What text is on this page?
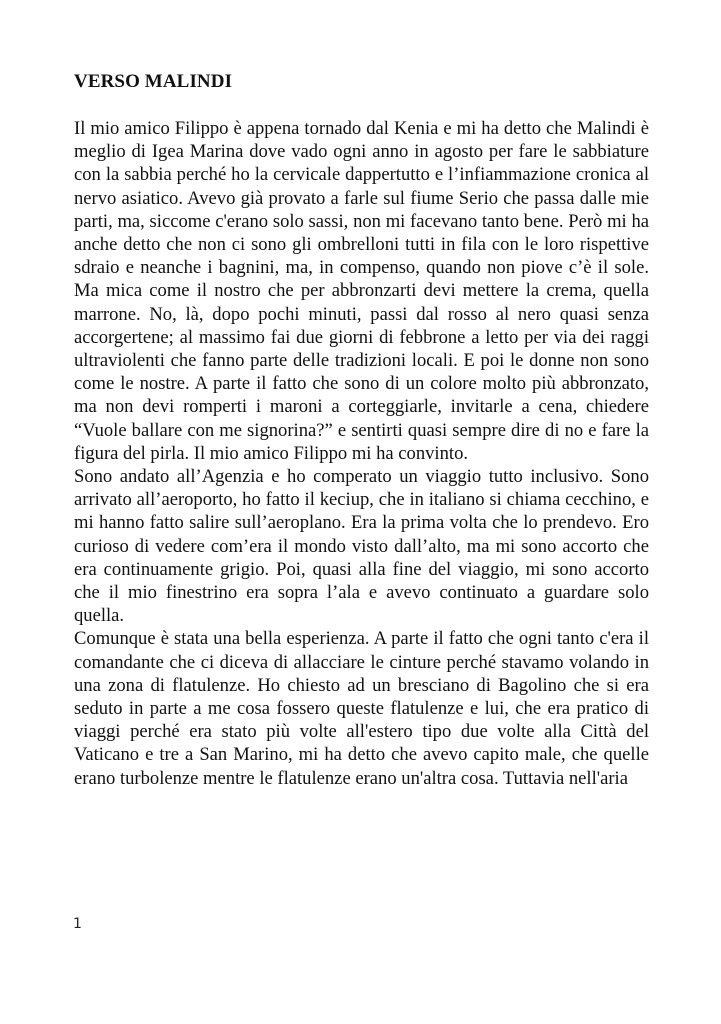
VERSO MALINDI

Il mio amico Filippo è appena tornado dal Kenia e mi ha detto che Malindi è meglio di Igea Marina dove vado ogni anno in agosto per fare le sabbiature con la sabbia perché ho la cervicale dappertutto e l’infiammazione cronica al nervo asiatico. Avevo già provato a farle sul fiume Serio che passa dalle mie parti, ma, siccome c'erano solo sassi, non mi facevano tanto bene. Però mi ha anche detto che non ci sono gli ombrelloni tutti in fila con le loro rispettive sdraio e neanche i bagnini, ma, in compenso, quando non piove c’è il sole. Ma mica come il nostro che per abbronzarti devi mettere la crema, quella marrone. No, là, dopo pochi minuti, passi dal rosso al nero quasi senza accorgertene; al massimo fai due giorni di febbrone a letto per via dei raggi ultraviolenti che fanno parte delle tradizioni locali. E poi le donne non sono come le nostre. A parte il fatto che sono di un colore molto più abbronzato, ma non devi romperti i maroni a corteggiarle, invitarle a cena, chiedere “Vuole ballare con me signorina?” e sentirti quasi sempre dire di no e fare la figura del pirla. Il mio amico Filippo mi ha convinto.

Sono andato all’Agenzia e ho comperato un viaggio tutto inclusivo. Sono arrivato all’aeroporto, ho fatto il keciup, che in italiano si chiama cecchino, e mi hanno fatto salire sull’aeroplano. Era la prima volta che lo prendevo. Ero curioso di vedere com’era il mondo visto dall’alto, ma mi sono accorto che era continuamente grigio. Poi, quasi alla fine del viaggio, mi sono accorto che il mio finestrino era sopra l’ala e avevo continuato a guardare solo quella.

Comunque è stata una bella esperienza. A parte il fatto che ogni tanto c'era il comandante che ci diceva di allacciare le cinture perché stavamo volando in una zona di flatulenze. Ho chiesto ad un bresciano di Bagolino che si era seduto in parte a me cosa fossero queste flatulenze e lui, che era pratico di viaggi perché era stato più volte all'estero tipo due volte alla Città del Vaticano e tre a San Marino, mi ha detto che avevo capito male, che quelle erano turbolenze mentre le flatulenze erano un'altra cosa. Tuttavia nell'aria

1
